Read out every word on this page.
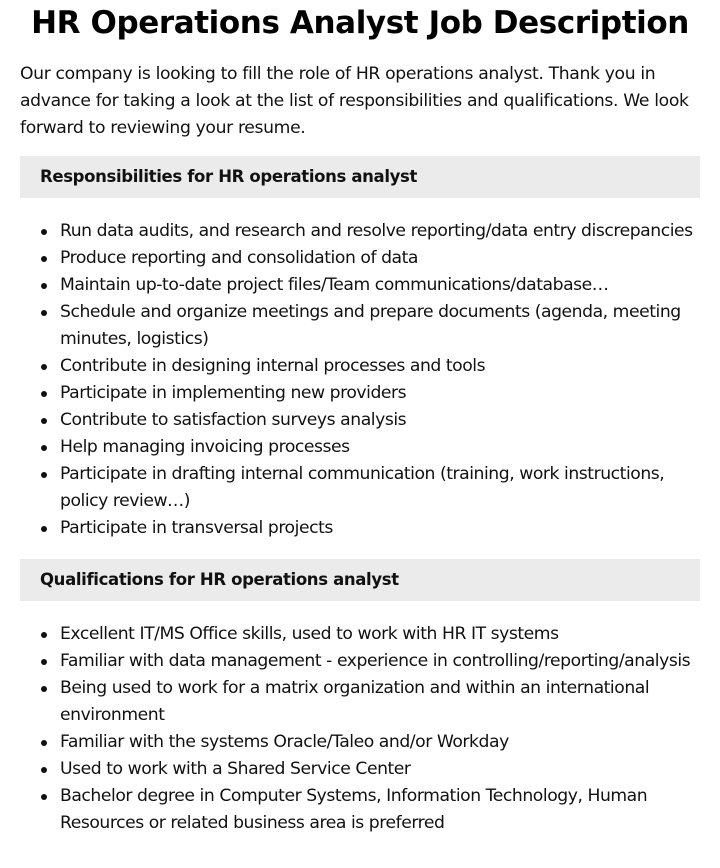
HR Operations Analyst Job Description

Our company is looking to fill the role of HR operations analyst. Thank you in advance for taking a look at the list of responsibilities and qualifications. We look forward to reviewing your resume.

Responsibilities for HR operations analyst
Run data audits, and research and resolve reporting/data entry discrepancies
Produce reporting and consolidation of data
Maintain up-to-date project files/Team communications/database…
Schedule and organize meetings and prepare documents (agenda, meeting minutes, logistics)
Contribute in designing internal processes and tools
Participate in implementing new providers
Contribute to satisfaction surveys analysis
Help managing invoicing processes
Participate in drafting internal communication (training, work instructions, policy review…)
Participate in transversal projects
Qualifications for HR operations analyst
Excellent IT/MS Office skills, used to work with HR IT systems
Familiar with data management - experience in controlling/reporting/analysis
Being used to work for a matrix organization and within an international environment
Familiar with the systems Oracle/Taleo and/or Workday
Used to work with a Shared Service Center
Bachelor degree in Computer Systems, Information Technology, Human Resources or related business area is preferred
